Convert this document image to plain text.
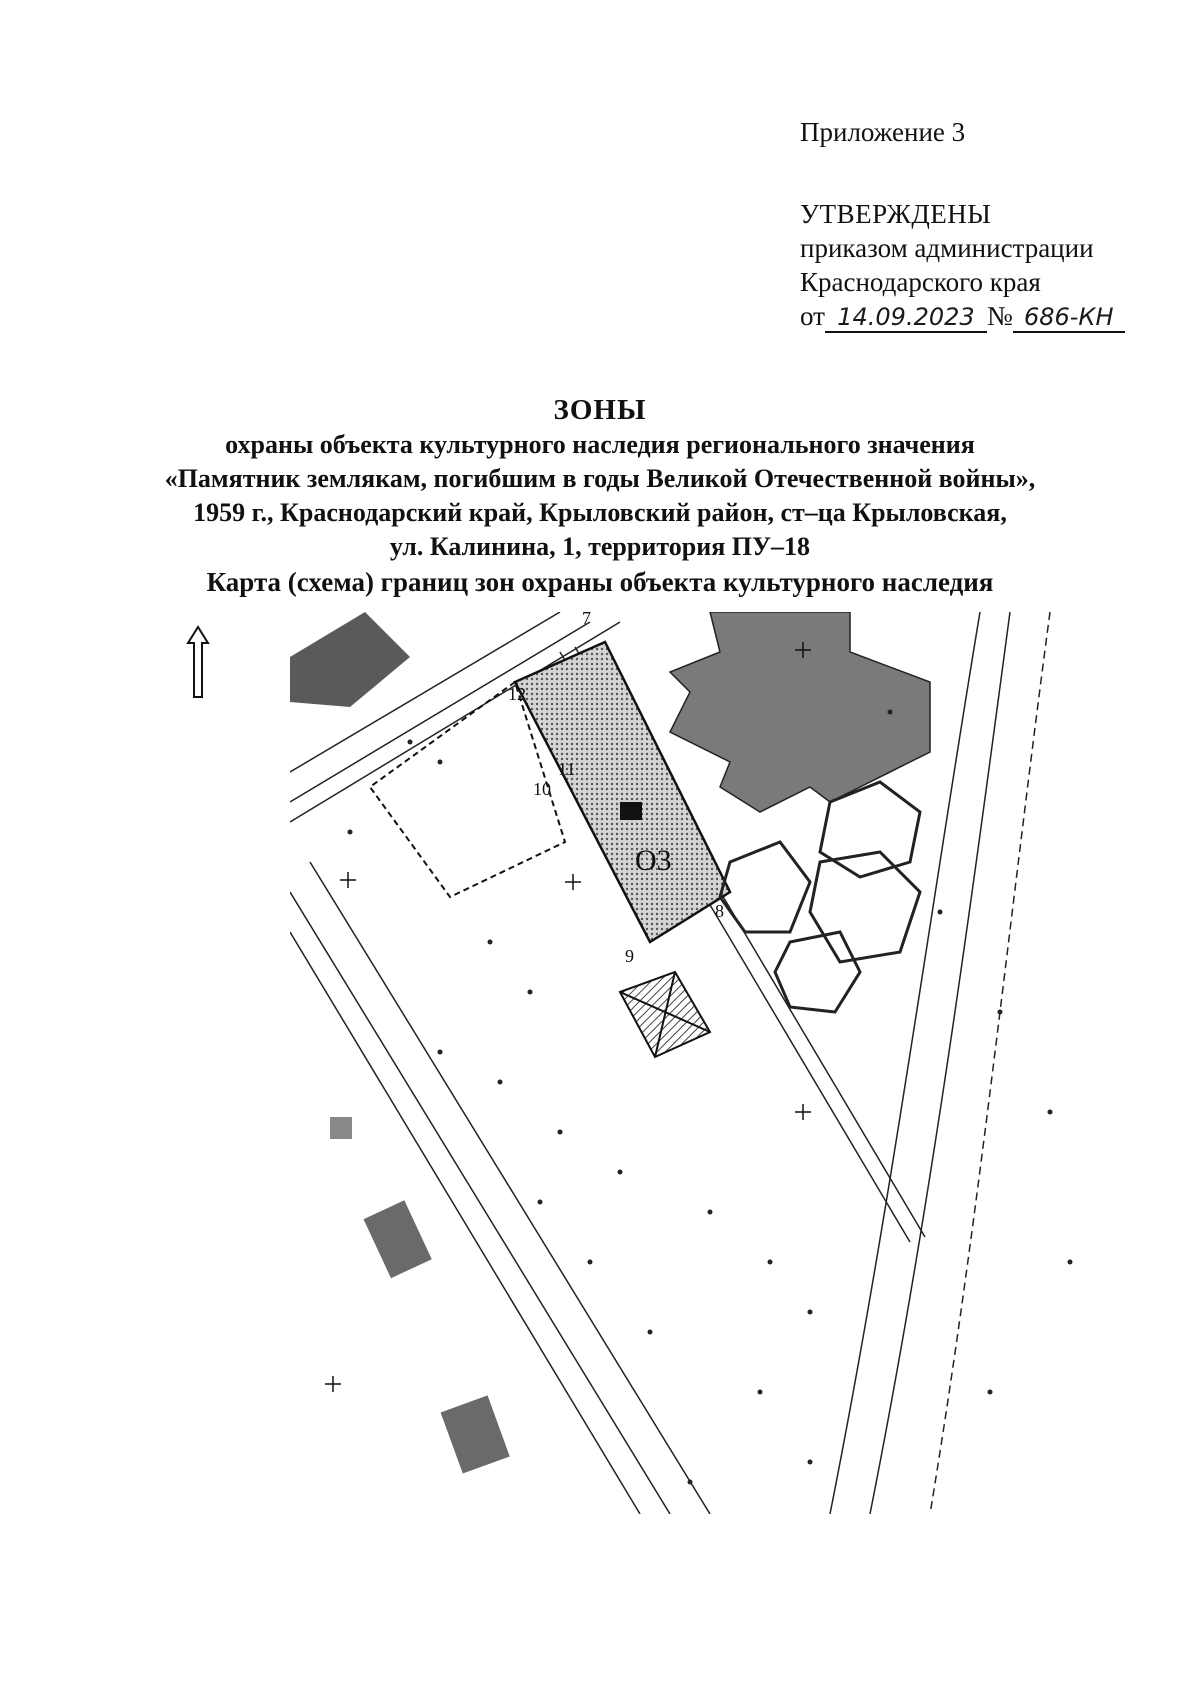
Приложение 3
УТВЕРЖДЕНЫ
приказом администрации
Краснодарского края
от 14.09.2023 № 686-КН
ЗОНЫ
охраны объекта культурного наследия регионального значения
«Памятник землякам, погибшим в годы Великой Отечественной войны»,
1959 г., Краснодарский край, Крыловский район, ст–ца Крыловская,
ул. Калинина, 1, территория ПУ–18
Карта (схема) границ зон охраны объекта культурного наследия
О3
7
8
9
10
11
12
